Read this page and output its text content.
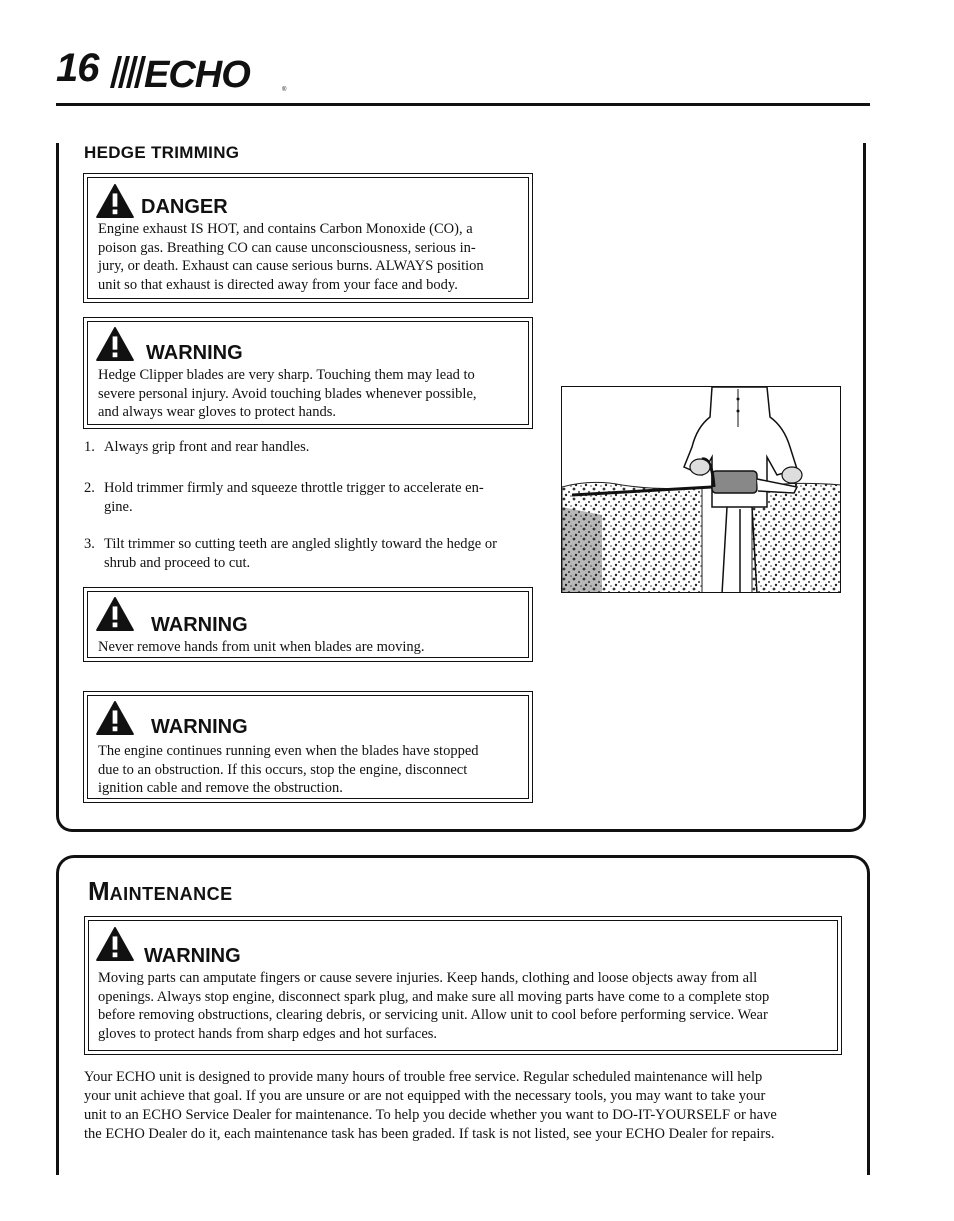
16 ECHO	®
HEDGE TRIMMING
DANGER
Engine exhaust IS HOT, and contains Carbon Monoxide (CO), a
poison gas. Breathing CO can cause unconsciousness, serious in-
jury, or death. Exhaust can cause serious burns. ALWAYS position
unit so that exhaust is directed away from your face and body.
WARNING
Hedge Clipper blades are very sharp. Touching them may lead to
severe personal injury. Avoid touching blades whenever possible,
and always wear gloves to protect hands.
1. Always grip front and rear handles.
2. Hold trimmer firmly and squeeze throttle trigger to accelerate en-
gine.
3. Tilt trimmer so cutting teeth are angled slightly toward the hedge or
shrub and proceed to cut.
WARNING
Never remove hands from unit when blades are moving.
WARNING
The engine continues running even when the blades have stopped
due to an obstruction. If this occurs, stop the engine, disconnect
ignition cable and remove the obstruction.
MAINTENANCE
WARNING
Moving parts can amputate fingers or cause severe injuries. Keep hands, clothing and loose objects away from all
openings. Always stop engine, disconnect spark plug, and make sure all moving parts have come to a complete stop
before removing obstructions, clearing debris, or servicing unit. Allow unit to cool before performing service. Wear
gloves to protect hands from sharp edges and hot surfaces.
Your ECHO unit is designed to provide many hours of trouble free service. Regular scheduled maintenance will help
your unit achieve that goal. If you are unsure or are not equipped with the necessary tools, you may want to take your
unit to an ECHO Service Dealer for maintenance. To help you decide whether you want to DO-IT-YOURSELF or have
the ECHO Dealer do it, each maintenance task has been graded. If task is not listed, see your ECHO Dealer for repairs.
